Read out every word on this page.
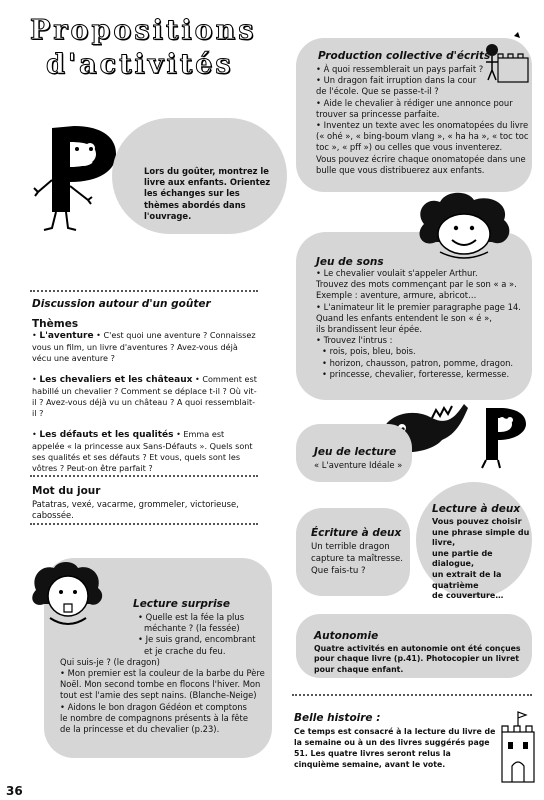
Propositions
d'activités
Lors du goûter, montrez le livre aux enfants. Orientez les échanges sur les thèmes abordés dans l'ouvrage.
Discussion autour d'un goûter
Thèmes

• L'aventure • C'est quoi une aventure ? Connaissez vous un film, un livre d'aventures ? Avez-vous déjà vécu une aventure ?

• Les chevaliers et les châteaux • Comment est habillé un chevalier ? Comment se déplace t-il ? Où vit-il ? Avez-vous déjà vu un château ? A quoi ressemblait-il ?

• Les défauts et les qualités • Emma est appelée « la princesse aux Sans-Défauts ». Quels sont ses qualités et ses défauts ? Et vous, quels sont les vôtres ? Peut-on être parfait ?

Mot du jour
Patatras, vexé, vacarme, grommeler, victorieuse, cabossée.
Lecture surprise

• Quelle est la fée la plus

méchante ? (la fessée)

• Je suis grand, encombrant

et je crache du feu.

Qui suis-je ? (le dragon)

• Mon premier est la couleur de la barbe du Père

Noël. Mon second tombe en flocons l'hiver. Mon

tout est l'amie des sept nains. (Blanche-Neige)

• Aidons le bon dragon Gédéon et comptons

le nombre de compagnons présents à la fête

de la princesse et du chevalier (p.23).

Production collective d'écrits

• À quoi ressemblerait un pays parfait ?

• Un dragon fait irruption dans la cour

de l'école. Que se passe-t-il ?

• Aide le chevalier à rédiger une annonce pour

trouver sa princesse parfaite.

• Inventez un texte avec les onomatopées du livre

(« ohé », « bing-boum vlang », « ha ha », « toc toc

toc », « pff ») ou celles que vous inventerez.

Vous pouvez écrire chaque onomatopée dans une

bulle que vous distribuerez aux enfants.

Jeu de sons

• Le chevalier voulait s'appeler Arthur.

Trouvez des mots commençant par le son « a ».

Exemple : aventure, armure, abricot…

• L'animateur lit le premier paragraphe page 14.

Quand les enfants entendent le son « é »,

ils brandissent leur épée.

• Trouvez l'intrus :

• rois, pois, bleu, bois.

• horizon, chausson, patron, pomme, dragon.

• princesse, chevalier, forteresse, kermesse.

Jeu de lecture
« L'aventure Idéale »
Lecture à deux

Vous pouvez choisir

une phrase simple du livre,

une partie de dialogue,

un extrait de la quatrième

de couverture…

Écriture à deux

Un terrible dragon

capture ta maîtresse.

Que fais-tu ?

Autonomie
Quatre activités en autonomie ont été conçues pour chaque livre (p.41). Photocopier un livret pour chaque enfant.
Belle histoire :
Ce temps est consacré à la lecture du livre de la semaine ou à un des livres suggérés page 51. Les quatre livres seront relus la cinquième semaine, avant le vote.
36
